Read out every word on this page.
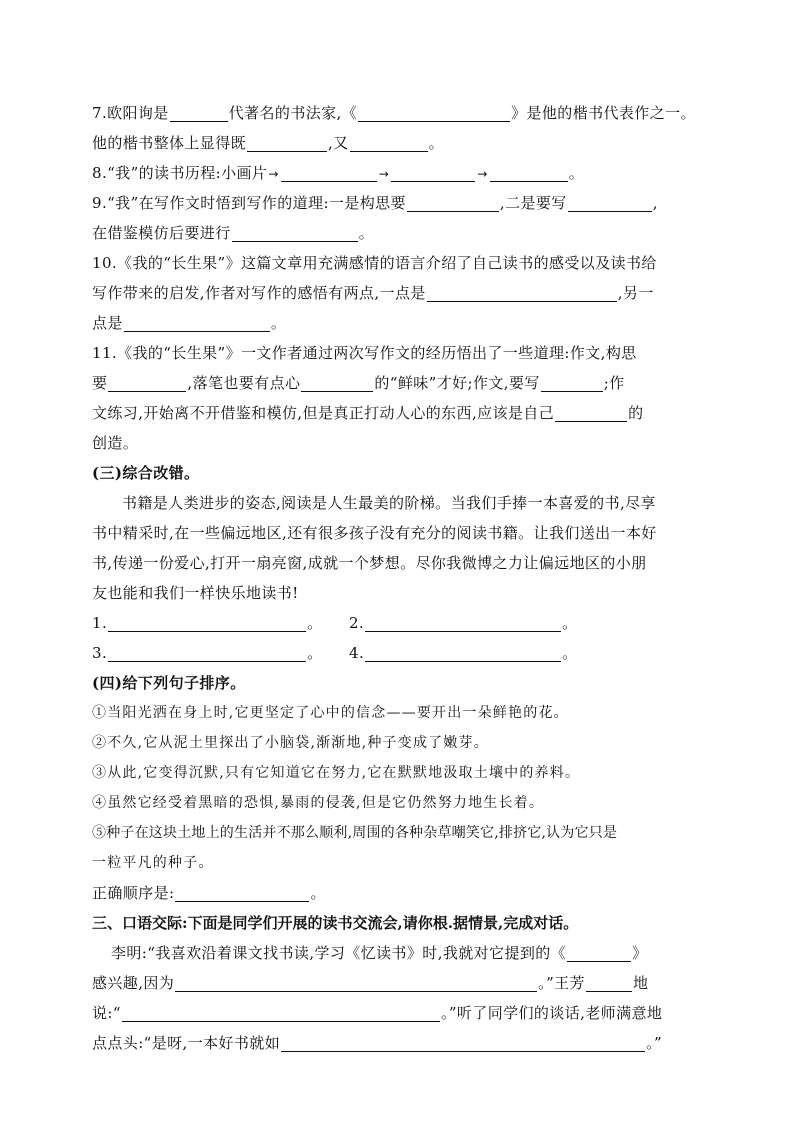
7.欧阳询是	代著名的书法家,《	》是他的楷书代表作之一。
他的楷书整体上显得既	,又	。
8.“我”的读书历程:小画片→	→	→	。
9.“我”在写作文时悟到写作的道理:一是构思要	,二是要写	,
在借鉴模仿后要进行	。
10.《我的“长生果”》这篇文章用充满感情的语言介绍了自己读书的感受以及读书给
写作带来的启发,作者对写作的感悟有两点,一点是	,另一
点是	。
11.《我的“长生果”》一文作者通过两次写作文的经历悟出了一些道理:作文,构思
要	,落笔也要有点心	的“鲜味”才好;作文,要写	;作
文练习,开始离不开借鉴和模仿,但是真正打动人心的东西,应该是自己	的
创造。
(三)综合改错。
书籍是人类进步的姿态,阅读是人生最美的阶梯。当我们手捧一本喜爱的书,尽享
书中精采时,在一些偏远地区,还有很多孩子没有充分的阅读书籍。让我们送出一本好
书,传递一份爱心,打开一扇亮窗,成就一个梦想。尽你我微博之力让偏远地区的小朋
友也能和我们一样快乐地读书!
1.	。 2.	。
3.	。 4.	。
(四)给下列句子排序。
①当阳光洒在身上时,它更坚定了心中的信念——要开出一朵鲜艳的花。
②不久,它从泥土里探出了小脑袋,渐渐地,种子变成了嫩芽。
③从此,它变得沉默,只有它知道它在努力,它在默默地汲取土壤中的养料。
④虽然它经受着黑暗的恐惧,暴雨的侵袭,但是它仍然努力地生长着。
⑤种子在这块土地上的生活并不那么顺利,周围的各种杂草嘲笑它,排挤它,认为它只是
一粒平凡的种子。
正确顺序是:	。
三、口语交际:下面是同学们开展的读书交流会,请你根.据情景,完成对话。
李明:“我喜欢沿着课文找书读,学习《忆读书》时,我就对它提到的《	》
感兴趣,因为	。”王芳	地
说:“	。”听了同学们的谈话,老师满意地
点点头:“是呀,一本好书就如	。”
